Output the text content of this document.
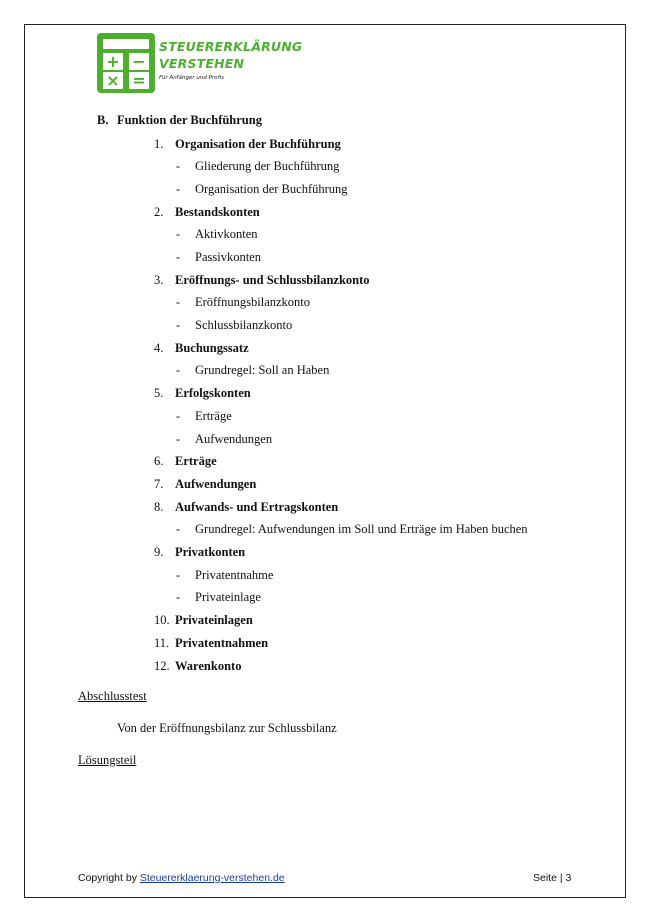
+ −
× =
STEUERERKLÄRUNG
VERSTEHEN
Für Anfänger und Profis
B. Funktion der Buchführung
1. Organisation der Buchführung
- Gliederung der Buchführung
- Organisation der Buchführung
2. Bestandskonten
- Aktivkonten
- Passivkonten
3. Eröffnungs- und Schlussbilanzkonto
- Eröffnungsbilanzkonto
- Schlussbilanzkonto
4. Buchungssatz
- Grundregel: Soll an Haben
5. Erfolgskonten
- Erträge
- Aufwendungen
6. Erträge
7. Aufwendungen
8. Aufwands- und Ertragskonten
- Grundregel: Aufwendungen im Soll und Erträge im Haben buchen
9. Privatkonten
- Privatentnahme
- Privateinlage
10. Privateinlagen
11. Privatentnahmen
12. Warenkonto
Abschlusstest
Von der Eröffnungsbilanz zur Schlussbilanz
Lösungsteil
Copyright by Steuererklaerung-verstehen.de	Seite | 3
